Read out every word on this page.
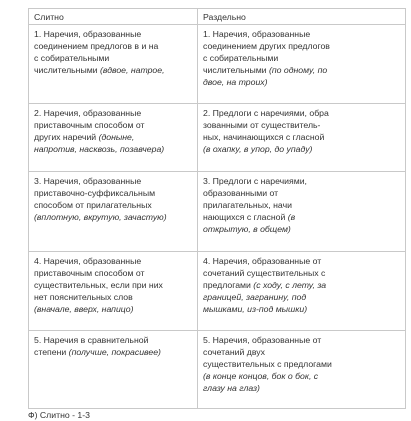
Слитно	Раздельно
1. Наречия, образованные
соединением предлогов в и на
с собирательными
числительными (вдвое, натрое,	1. Наречия, образованные
соединением других предлогов
с собирательными
числительными (по одному, по
двое, на троих)
2. Наречия, образованные
приставочным способом от
других наречий (доныне,
напротив, насквозь, позавчера)	2. Предлоги с наречиями, обра
зованными от существитель-
ных, начинающихся с гласной
(в охапку, в упор, до упаду)
3. Наречия, образованные
приставочно-суффиксальным
способом от прилагательных
(вплотную, вкрутую, зачастую)	3. Предлоги с наречиями,
образованными от
прилагательных, начи
нающихся с гласной (в
открытую, в общем)
4. Наречия, образованные
приставочным способом от
существительных, если при них
нет пояснительных слов
(вначале, вверх, напицо)	4. Наречия, образованные от
сочетаний существительных с
предлогами (с ходу, с лету, за
границей, загранину, под
мышками, из-под мышки)
5. Наречия в сравнительной
степени (получше, покрасивее)	5. Наречия, образованные от
сочетаний двух
существительных с предлогами
(в конце концов, бок о бок, с
глазу на глаз)
Ф) Слитно - 1-3
